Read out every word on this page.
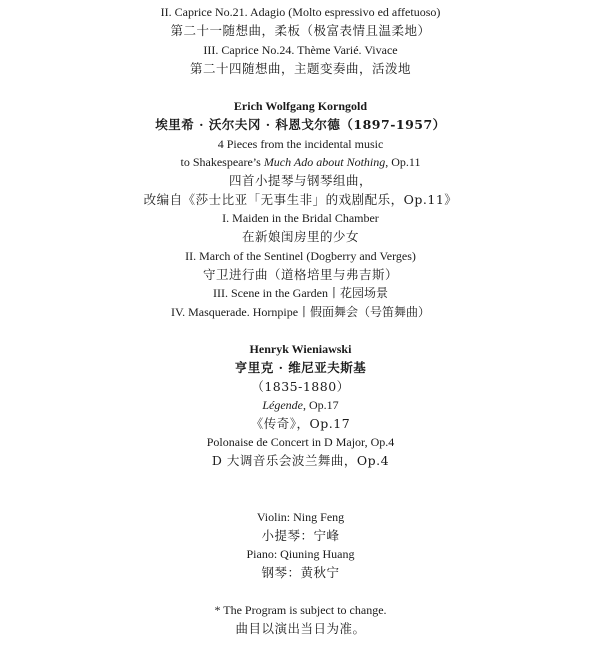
II. Caprice No.21. Adagio (Molto espressivo ed affetuoso)
第二十一随想曲，柔板（极富表情且温柔地）
III. Caprice No.24. Thème Varié. Vivace
第二十四随想曲，主题变奏曲，活泼地
Erich Wolfgang Korngold
埃里希 · 沃尔夫冈 · 科恩戈尔德（1897-1957）
4 Pieces from the incidental music
to Shakespeare’s Much Ado about Nothing, Op.11
四首小提琴与钢琴组曲，
改编自《莎士比亚「无事生非」的戏剧配乐，Op.11》
I. Maiden in the Bridal Chamber
在新娘闺房里的少女
II. March of the Sentinel (Dogberry and Verges)
守卫进行曲（道格培里与弗吉斯）
III. Scene in the Garden丨花园场景
IV. Masquerade. Hornpipe丨假面舞会（号笛舞曲）
Henryk Wieniawski
亨里克 · 维尼亚夫斯基
（1835-1880）
Légende, Op.17
《传奇》，Op.17
Polonaise de Concert in D Major, Op.4
D 大调音乐会波兰舞曲，Op.4
Violin: Ning Feng
小提琴：宁峰
Piano: Qiuning Huang
钢琴：黄秋宁
* The Program is subject to change.
曲目以演出当日为准。
